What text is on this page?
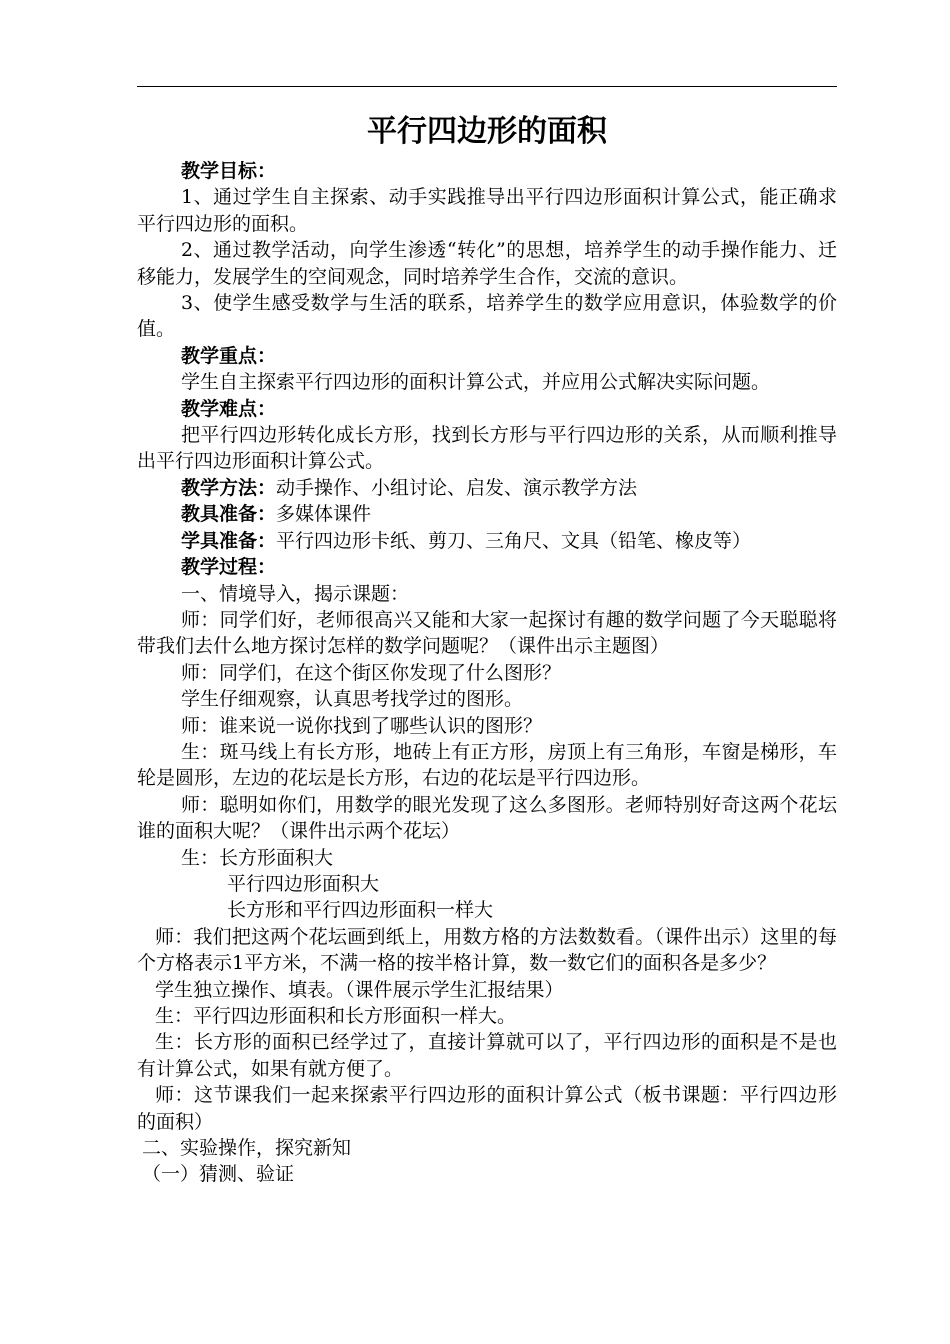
平行四边形的面积

教学目标：

1、通过学生自主探索、动手实践推导出平行四边形面积计算公式，能正确求平行四边形的面积。

2、通过教学活动，向学生渗透“转化”的思想，培养学生的动手操作能力、迁移能力，发展学生的空间观念，同时培养学生合作，交流的意识。

3、使学生感受数学与生活的联系，培养学生的数学应用意识，体验数学的价值。

教学重点：

学生自主探索平行四边形的面积计算公式，并应用公式解决实际问题。

教学难点：

把平行四边形转化成长方形，找到长方形与平行四边形的关系，从而顺利推导出平行四边形面积计算公式。

教学方法：动手操作、小组讨论、启发、演示教学方法

教具准备：多媒体课件

学具准备：平行四边形卡纸、剪刀、三角尺、文具（铅笔、橡皮等）

教学过程：

一、情境导入，揭示课题：

师：同学们好，老师很高兴又能和大家一起探讨有趣的数学问题了今天聪聪将带我们去什么地方探讨怎样的数学问题呢？（课件出示主题图）

师：同学们，在这个街区你发现了什么图形？

学生仔细观察，认真思考找学过的图形。

师：谁来说一说你找到了哪些认识的图形？

生：斑马线上有长方形，地砖上有正方形，房顶上有三角形，车窗是梯形，车轮是圆形，左边的花坛是长方形，右边的花坛是平行四边形。

师：聪明如你们，用数学的眼光发现了这么多图形。老师特别好奇这两个花坛谁的面积大呢？（课件出示两个花坛）

生：长方形面积大

平行四边形面积大

长方形和平行四边形面积一样大

师：我们把这两个花坛画到纸上，用数方格的方法数数看。（课件出示）这里的每个方格表示1平方米，不满一格的按半格计算，数一数它们的面积各是多少？

学生独立操作、填表。（课件展示学生汇报结果）

生：平行四边形面积和长方形面积一样大。

生：长方形的面积已经学过了，直接计算就可以了，平行四边形的面积是不是也有计算公式，如果有就方便了。

师：这节课我们一起来探索平行四边形的面积计算公式（板书课题：平行四边形的面积）

二、实验操作，探究新知

（一）猜测、验证
